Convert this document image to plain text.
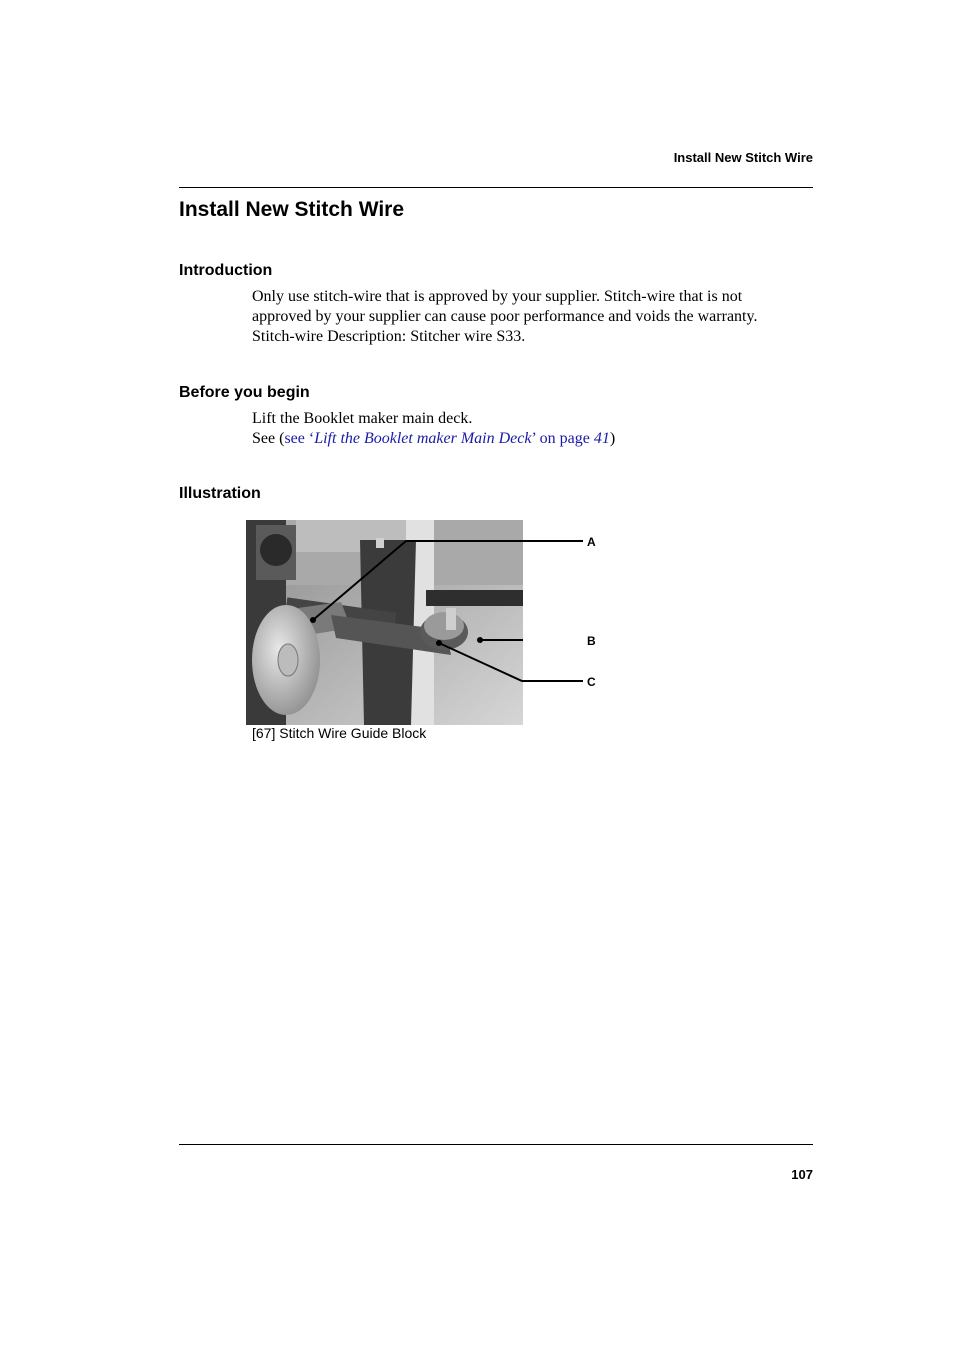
Install New Stitch Wire
Install New Stitch Wire
Introduction
Only use stitch-wire that is approved by your supplier. Stitch-wire that is not
approved by your supplier can cause poor performance and voids the warranty.
Stitch-wire Description: Stitcher wire S33.
Before you begin
Lift the Booklet maker main deck.
See (see ‘Lift the Booklet maker Main Deck’ on page 41)
Illustration
A
B
C
[67] Stitch Wire Guide Block
107
